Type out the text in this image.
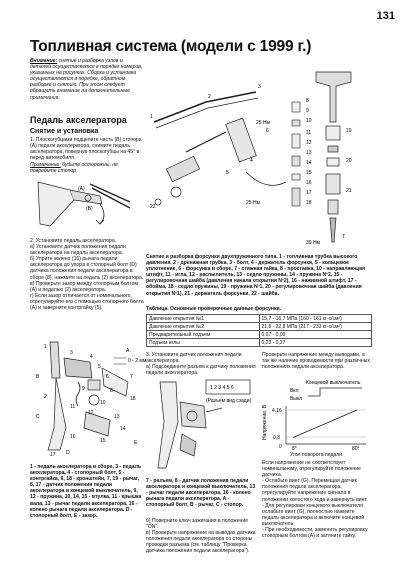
131
Топливная система (модели с 1999 г.)
Внимание: снятие и разборка узлов и деталей осуществляется в порядке номеров, указанных на рисунках. Сборка и установка осуществляются в порядке, обратном разборке и снятию. При этом следует обращать внимание на дополнительные примечания.
Педаль акселератора
Снятие и установка
1. Плоскогубцами подцепите часть (B) стопора (A) педали акселератора, снимите педаль акселератора, повернув плоскогубцы на 45° в перед автомобиля.
Примечание: будьте осторожны, не повредите стопор.
(A)
(B)
2. Установите педаль акселератора.
а) Установите датчик положения педали акселератора на педаль акселератора.
б) Уприте колено (16) рычага педали акселератора до упора в стопорный болт (D) датчика положения педали акселератора в сборе (8), нажмите на педаль (2) акселератора.
в) Проверьте зазор между стопорным болтом (A) и педалью (2) акселератора.
г) Если зазор отличается от номинального, отрегулируйте его с помощью стопорного болта (A) и заверните контргайку (5).
0 - 2 мм
1
2
3
4
5
6	7
8
9
10
11
12
13
14
15
16
17
18
A
B
C
D
E
1 - педаль акселератора в сборе, 3 - педаль акселератора, 4 - стопорный болт, 5 - контргайка, 6, 18 - кронштейн, 7, 19 - рычаг, 8, 17 - датчик положения педали акселератора и концевой выключатель, 9, 12 - пружина, 10, 14, 15 - втулка, 11 - крышка вала, 13 - рычаг педали акселератора, 16 - колено рычага педали акселератора, D - стопорный болт, E - зазор.
25 Нм
25 Нм
39 Нм
1
2
3
4
5
6
7
8
9
10
11
12
13
14
15
16
17
18
19
20
21
22
Снятие и разборка форсунки двухпружинного типа. 1 - топливная трубка высокого давления, 2 - дренажная трубка, 3 - болт, 4 - держатель форсунки, 5 - кольцевое уплотнение, 6 - форсунка в сборе, 7 - стяжная гайка, 8 - проставка, 10 - направляющая штифт, 11 - игла, 12 - распылитель, 13 - седло пружины, 14 - пружина Nº2, 15 - регулировочная шайба (давления начала открытия Nº2), 16 - нажимной штифт, 17 - обойма, 18 - седло пружины, 19 - пружина Nº1, 20 - регулировочная шайба (давления открытия Nº1), 21 - держатель форсунки, 22 - шайба.
Таблица. Основные проверочные данные форсунки.
Давление открытия №1	15,7 - 16,7 МПа (160 - 161 кг·с/см²)
Давление открытия №2	21,8 - 22,8 МПа (217 - 233 кг·с/см²)
Предварительный подъем	0,07 - 0,09
Подъем иглы	0,23 - 0,27
3. Установите датчик положения педали акселератора.
а) Подсоедините разъем к датчику положения педали акселератора.
1 2 3 4 5 6
(Разъем вид сзади)
7 - разъем, 8 - датчик положения педали акселератора и концевой выключатель, 13 - рычаг педали акселератора, 16 - колено рычага педали акселератора, A - стопорный болт, B - рычаг, C - стопор.
б) Поверните ключ зажигания в положение "ON".
в) Проверьте напряжение на выводах датчика положения педали акселератора со стороны проводки разъема (см. таблицу "Проверка датчика положения педали акселератора").
Проверьте напряжение между выводами, а так же наличие проводимости при различных положениях педали акселератора.
Концевой выключатель
Вкл
Выкл
4.16
0,8
0
Напряжение, В
8°	80°
Угол поворота педали
Если напряжение не соответствует номинальному, отрегулируйте положение датчика.
- Ослабьте винт (G). Перемещая датчик положения педали акселератора, отрегулируйте напряжение сигнала в положении холостого хода и завернуть винт.
- Для регулировки концевого выключателя ослабьте винт (G), полностью нажмите педаль акселератора и включите концевой выключатель.
- При необходимости, заменить регулировку стопорным болтом (A) и затяните гайку.
